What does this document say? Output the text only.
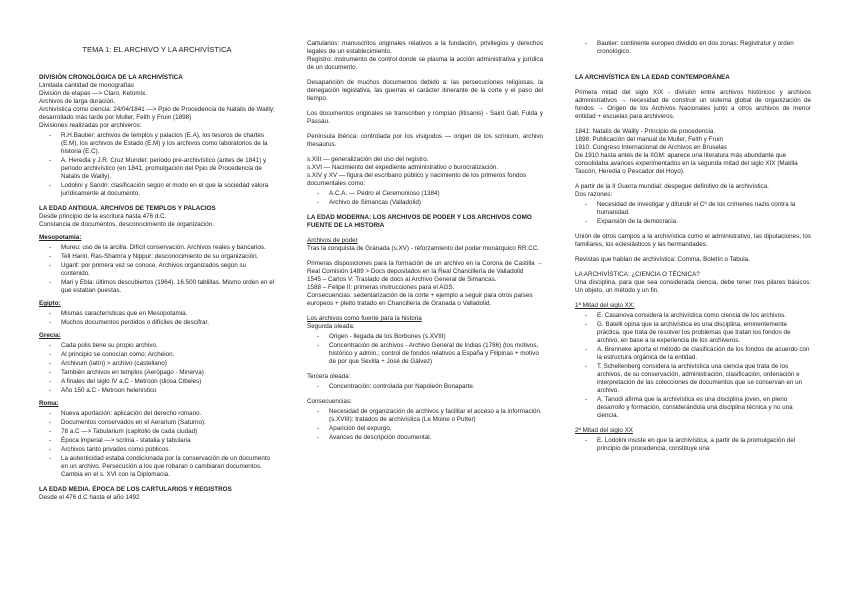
TEMA 1: EL ARCHIVO Y LA ARCHIVÍSTICA

DIVISIÓN CRONOLÓGICA DE LA ARCHIVÍSTICA

Limitada cantidad de monografías

División de etapas —> Claro, Ketomix.

Archivos de larga duración.

Archivística como ciencia: 24/04/1841 —> Ppio de Procedencia de Natalis de Wailly; desarrollado más tarde por Muller, Feith y Fruin (1898)

Divisiones realizadas por archiveros:

- R.H.Bautier: archivos de templos y palacios (E.A), los tesoros de chartes (E.M), los archivos de Estado (E.M) y los archivos como laboratorios de la historia (E.C).
- A. Heredia y J.R. Cruz Mundet: periodo pre-archivístico (antes de 1841) y periodo archivístico (en 1841, promulgación del Ppio de Procedencia de Natalis de Wailly).
- Lodolini y Sandri: clasificación según el modo en el que la sociedad valora jurídicamente al documento.

LA EDAD ANTIGUA. ARCHIVOS DE TEMPLOS Y PALACIOS

Desde principio de la escritura hasta 476 d.C.

Constancia de documentos, desconocimiento de organización.

Mesopotamia:

- Mureu: uso de la arcilla. Difícil conservación. Archivos reales y bancarios.
- Tell Hariri, Ras-Shamra y Nippur: desconocimiento de su organización.
- Ugarit: por primera vez se conoce. Archivos organizados según su contenido.
- Mari y Ebla: últimos descubiertos (1964). 16.500 tablillas. Mismo orden en el que estaban puestas.

Egipto:

- Mismas características que en Mesopotamia.
- Muchos documentos perdidos o difíciles de descifrar.

Grecia:

- Cada polis tiene su propio archivo.
- Al principio se conocían como: Archeion.
- Archivum (latín) > archivo (castellano)
- También archivos en templos (Aerópago - Minerva)
- A finales del siglo IV a.C - Metroon (diosa Cibeles)
- Año 150 a.C - Metroon helenístico

Roma:

- Nueva aportación: aplicación del derecho romano.
- Documentos conservados en el Aerarium (Saturno).
- 78 a.C —> Tabularium (capitolio de cada ciudad)
- Época imperial —> scrinia - statalia y tabularia
- Archivos tanto privados como públicos.
- La autenticidad estaba condicionada por la conservación de un documento en un archivo. Persecución a los que robaran o cambiaran documentos. Cambia en el s. XVI con la Diplomacia.

LA EDAD MEDIA. ÉPOCA DE LOS CARTULARIOS Y REGISTROS

Desde el 476 d.C hasta el año 1492

Cartularios: manuscritos originales relativos a la fundación, privilegios y derechos legales de un establecimiento.

Registro: instrumento de control donde se plasma la acción administrativa y jurídica de un documento.

Desaparición de muchos documentos debido a: las persecuciones religiosas, la denegación legislativa, las guerras el carácter itinerante de la corte y el paso del tiempo.

Los documentos originales se transcriben y rompían (litisanis) - Saint Gall, Fulda y Passau.

Península ibérica: controlada por los visigodos — origen de los scrinium, archivo thesaurus.

s.XIII — generalización del uso del registro.

s.XVI — Nacimiento del expediente administrativo o burocratización.

s.XIV y XV — figura del escribano público y nacimiento de los primeros fondos documentales como:

- A.C.A. — Pedro el Ceremonioso (1384)
- Archivo de Simancas (Valladolid)

LA EDAD MODERNA: LOS ARCHIVOS DE PODER Y LOS ARCHIVOS COMO FUENTE DE LA HISTORIA

Archivos de poder

Tras la conquista de Granada (s.XV) - reforzamiento del poder monárquico RR.CC.

Primeras disposiciones para la formación de un archivo en la Corona de Castilla → Real Comisión 1489 > Docs depositados en la Real Chancillería de Valladolid

1545 – Carlos V: Traslado de docs al Archivo General de Simancas.

1588 – Felipe II: primeras instrucciones para el AGS.

Consecuencias: sedentarización de la corte + ejemplo a seguir para otros países europeos + pleito tratado en Chancillería de Granada o Valladolid.

Los archivos como fuente para la historia

Segunda oleada:

- Origen - llegada de los Borbones (s.XVIII)
- Concentración de archivos - Archivo General de Indias (1786) (los motivos, histórico y admin.; control de fondos relativos a España y Filipinas + motivo de por que Sevilla + José de Gálvez)

Tercera oleada:

- Concentración: controlada por Napoleón Bonaparte.

Consecuencias:

- Necesidad de organización de archivos y facilitar el acceso a la información. (s.XVIII): tratados de archivística (Le Moine o Putter)
- Aparición del expurgo.
- Avances de descripción documental.
- Bautier: continente europeo dividido en dos zonas: Registratur y orden cronológico.

LA ARCHIVÍSTICA EN LA EDAD CONTEMPORÁNEA

Primera mitad del siglo XIX - división entre archivos históricos y archivos administrativos → necesidad de construir un sistema global de organización de fondos → Origen de los Archivos Nacionales junto a otros archivos de menor entidad + escuelas para archiveros.

1841: Natalis de Wailly - Principio de procedencia.

1898: Publicación del manual de Muller, Feith y Fruin

1910: Congreso Internacional de Archivos en Bruselas

De 1910 hasta antes de la IIGM: aparece una literatura más abundante que consolidaba avances experimentados en la segunda mitad del siglo XIX (Matilla Tascón, Heredia o Pescador del Hoyo).

A partir de la II Guerra mundial: despegue definitivo de la archivística.

Dos razones:

- Necesidad de investigar y difundir el Cº de los crímenes nazis contra la humanidad.
- Expansión de la democracia.

Unión de otros campos a la archivística como el administrativo, las diputaciones, los familiares, los eclesiásticos y las hermandades.

Revistas que hablan de archivística: Comma, Boletín o Tabula.

LA ARCHIVÍSTICA: ¿CIENCIA O TÉCNICA?

Una disciplina, para que sea considerada ciencia, debe tener tres pilares básicos: Un objeto, un método y un fin.

1ª Mitad del siglo XX:

- E. Casanova considera la archivística como ciencia de los archivos.
- G. Batelli opina que la archivística es una disciplina, eminentemente práctica, que trata de resolver los problemas que tratan los fondos de archivo, en base a la experiencia de los archiveros.
- A. Brenneke aporta el método de clasificación de los fondos de acuerdo con la estructura orgánica de la entidad.
- T. Schellenberg considera la archivística una ciencia que trata de los archivos, de su conservación, administración, clasificación, ordenación e interpretación de las colecciones de documentos que se conservan en un archivo.
- A. Tanodi afirma que la archivística es una disciplina joven, en pleno desarrollo y formación, considerándola una disciplina técnica y no una ciencia.

2ª Mitad del siglo XX

- E. Lodolini insiste en que la archivística, a partir de la promulgación del principio de procedencia, constituye una
